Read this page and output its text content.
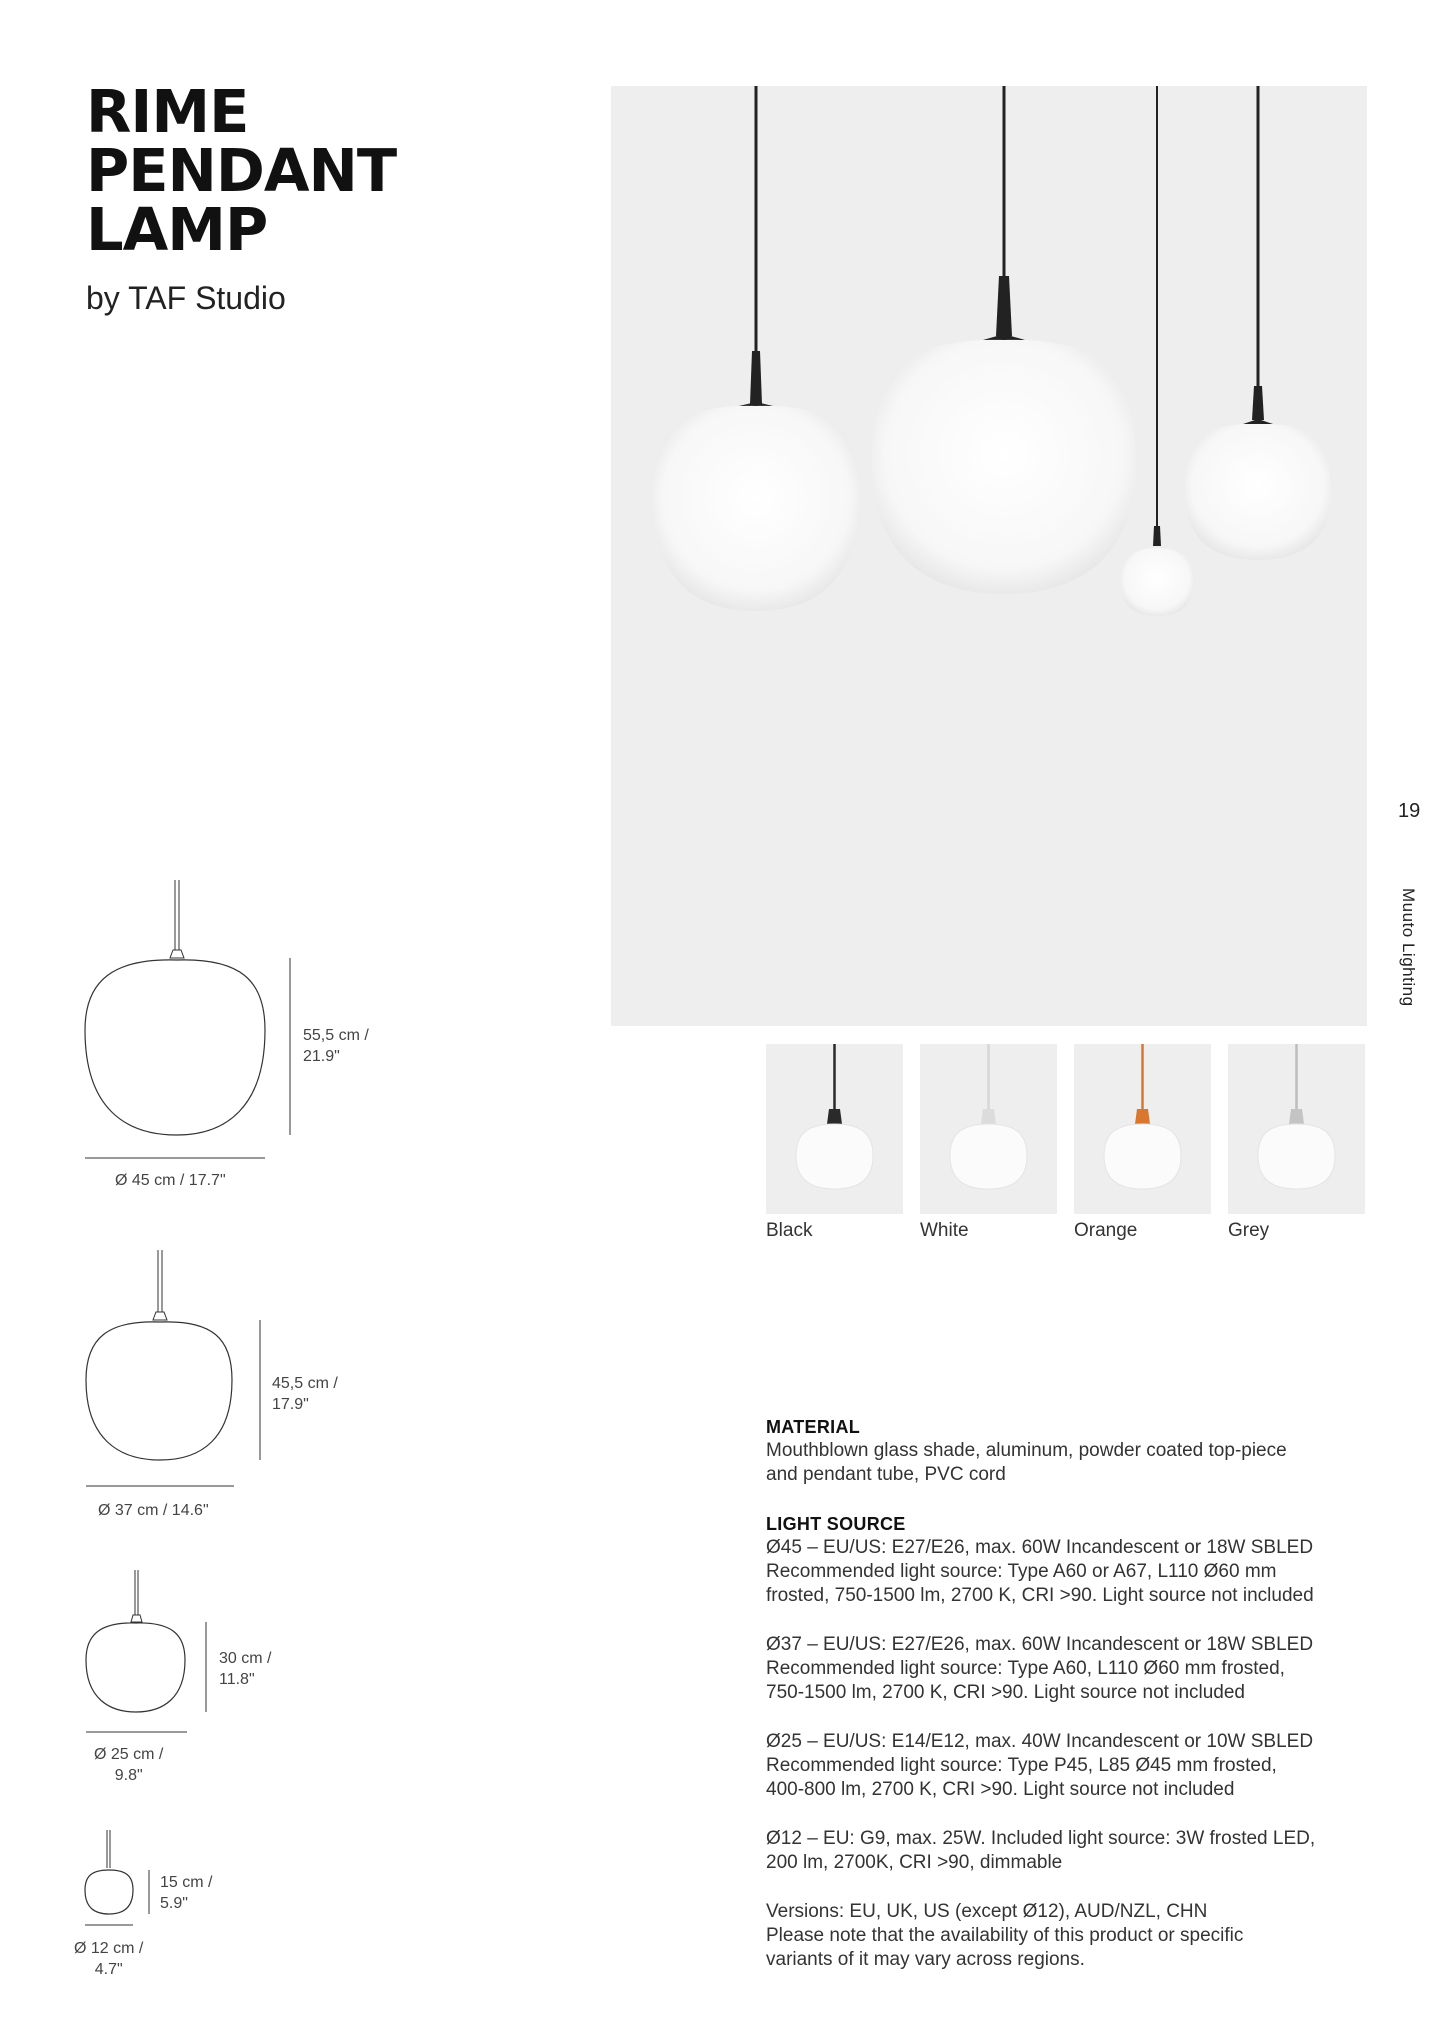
RIME
PENDANT
LAMP
by TAF Studio
Black	White	Orange	Grey
19
Muuto Lighting
55,5 cm /
21.9"
Ø 45 cm / 17.7"
45,5 cm /
17.9"
Ø 37 cm / 14.6"
30 cm /
11.8"
Ø 25 cm /
9.8"
15 cm /
5.9"
Ø 12 cm /
4.7"
MATERIAL

Mouthblown glass shade, aluminum, powder coated top-piece

and pendant tube, PVC cord

LIGHT SOURCE

Ø45 – EU/US: E27/E26, max. 60W Incandescent or 18W SBLED

Recommended light source: Type A60 or A67, L110 Ø60 mm

frosted, 750-1500 lm, 2700 K, CRI >90. Light source not included

Ø37 – EU/US: E27/E26, max. 60W Incandescent or 18W SBLED

Recommended light source: Type A60, L110 Ø60 mm frosted,

750-1500 lm, 2700 K, CRI >90. Light source not included

Ø25 – EU/US: E14/E12, max. 40W Incandescent or 10W SBLED

Recommended light source: Type P45, L85 Ø45 mm frosted,

400-800 lm, 2700 K, CRI >90. Light source not included

Ø12 – EU: G9, max. 25W. Included light source: 3W frosted LED,

200 lm, 2700K, CRI >90, dimmable

Versions: EU, UK, US (except Ø12), AUD/NZL, CHN

Please note that the availability of this product or specific

variants of it may vary across regions.
